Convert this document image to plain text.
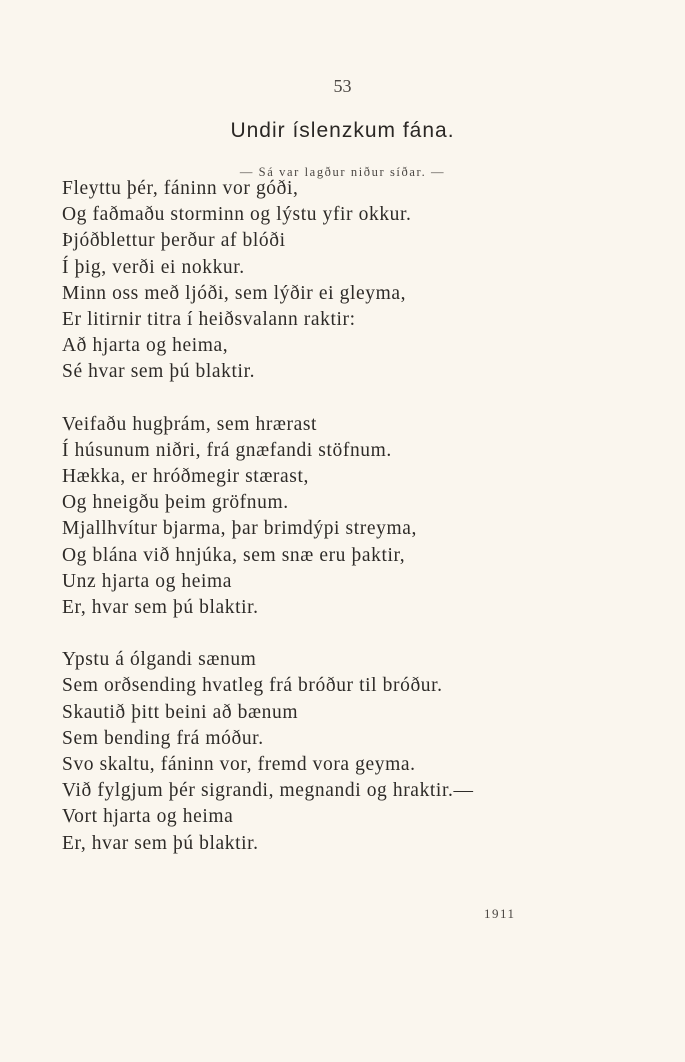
53
Undir íslenzkum fána.
— Sá var lagður niður síðar. —
Fleyttu þér, fáninn vor góði,
Og faðmaðu storminn og lýstu yfir okkur.
Þjóðblettur þerður af blóði
Í þig, verði ei nokkur.
Minn oss með ljóði, sem lýðir ei gleyma,
Er litirnir titra í heiðsvalann raktir:
Að hjarta og heima,
Sé hvar sem þú blaktir.
Veifaðu hugþrám, sem hrærast
Í húsunum niðri, frá gnæfandi stöfnum.
Hækka, er hróðmegir stærast,
Og hneigðu þeim gröfnum.
Mjallhvítur bjarma, þar brimdýpi streyma,
Og blána við hnjúka, sem snæ eru þaktir,
Unz hjarta og heima
Er, hvar sem þú blaktir.
Ypstu á ólgandi sænum
Sem orðsending hvatleg frá bróður til bróður.
Skautið þitt beini að bænum
Sem bending frá móður.
Svo skaltu, fáninn vor, fremd vora geyma.
Við fylgjum þér sigrandi, megnandi og hraktir.—
Vort hjarta og heima
Er, hvar sem þú blaktir.
1911
